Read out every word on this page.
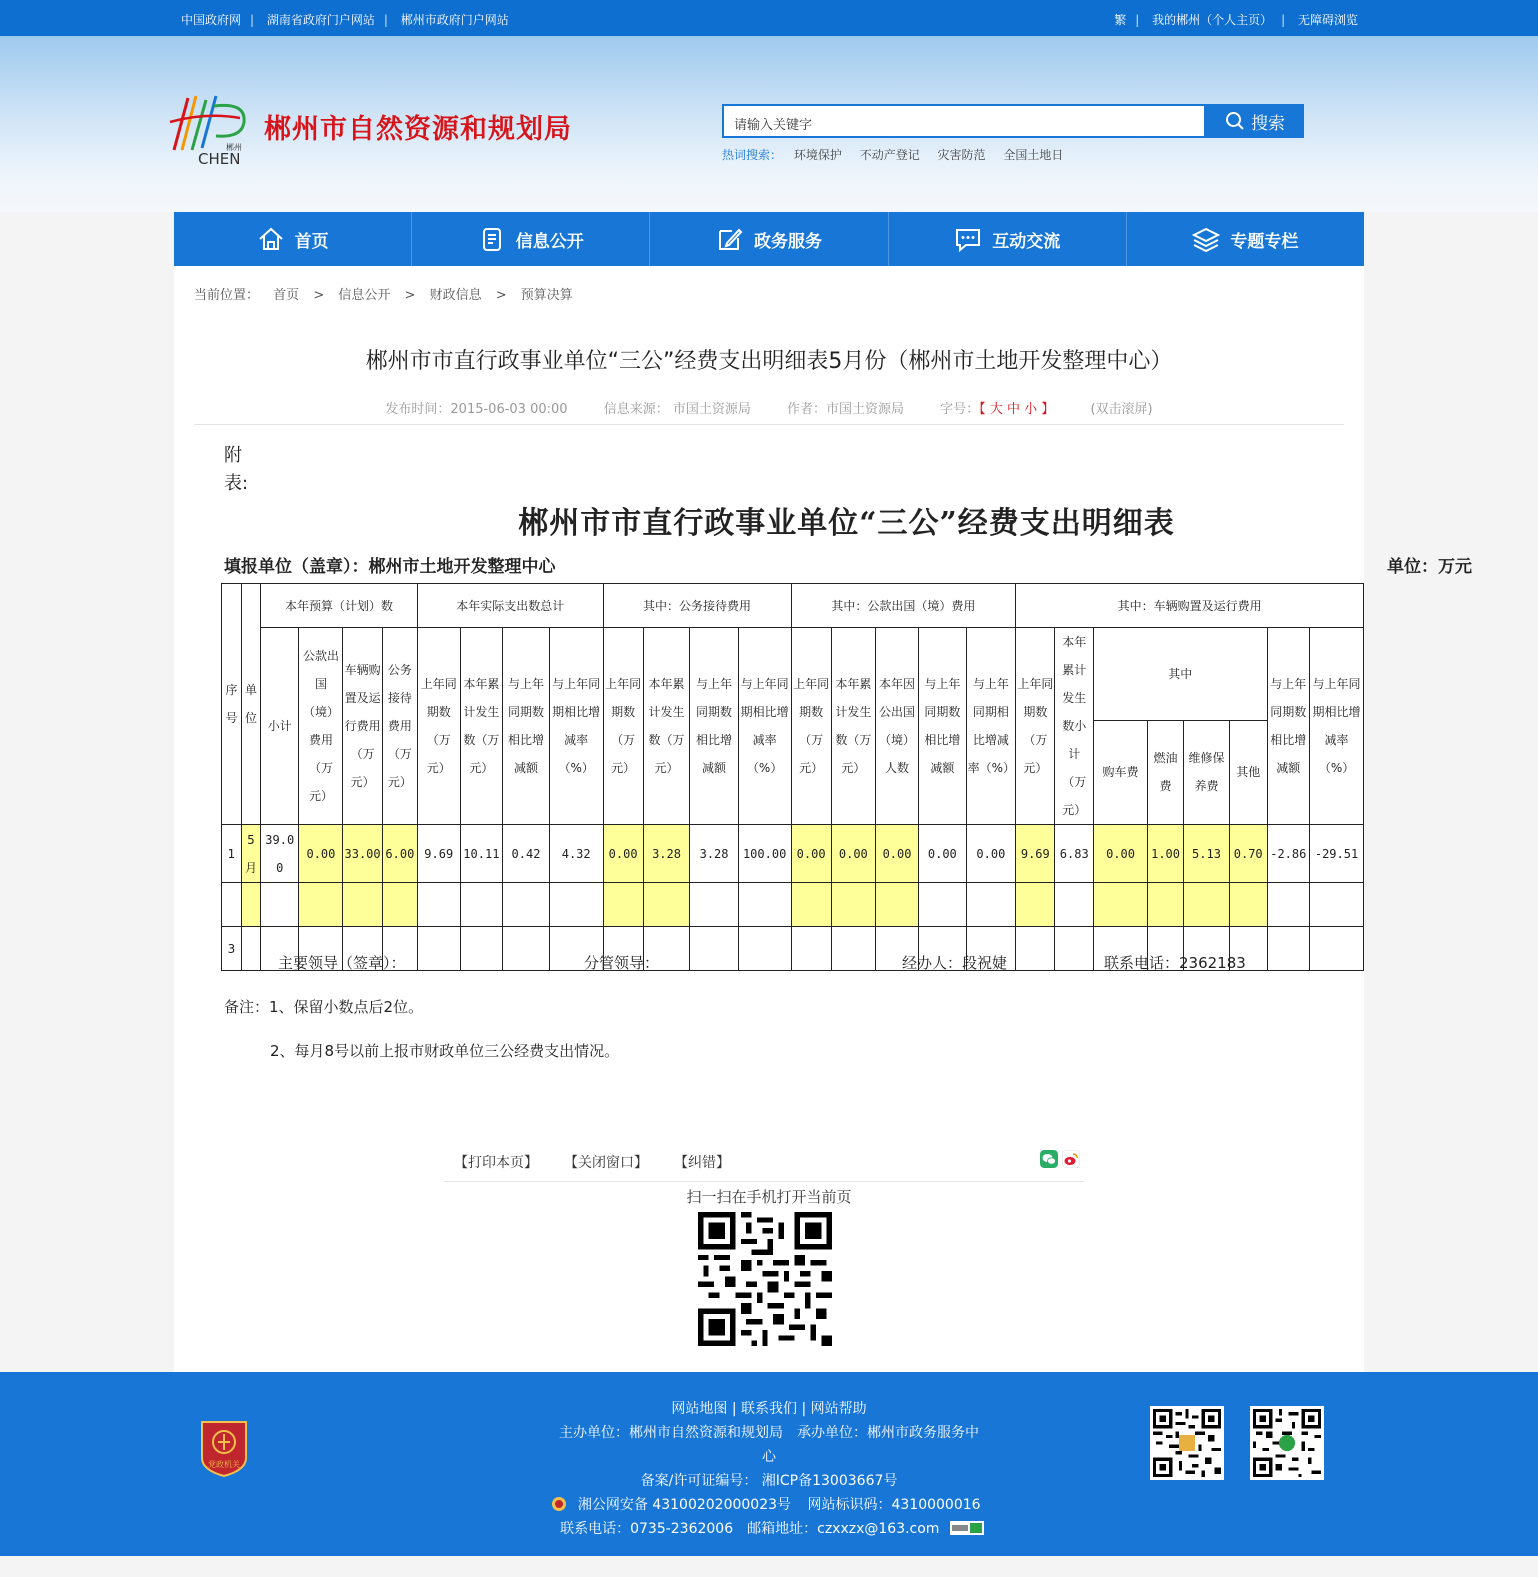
中国政府网 | 湖南省政府门户网站 | 郴州市政府门户网站	繁 | 我的郴州（个人主页） | 无障碍浏览
郴州
CHEN
郴州市自然资源和规划局	请输入关键字	搜索
热词搜索： 环境保护 不动产登记 灾害防范 全国土地日
首页	信息公开	政务服务	互动交流	专题专栏
当前位置： 首页 > 信息公开 > 财政信息 > 预算决算
郴州市市直行政事业单位“三公”经费支出明细表5月份（郴州市土地开发整理中心）
发布时间：2015-06-03 00:00	信息来源： 市国土资源局	作者：市国土资源局	字号：【 大 中 小 】	(双击滚屏)
附表:
郴州市市直行政事业单位“三公”经费支出明细表
填报单位（盖章）：郴州市土地开发整理中心	单位：万元
序号	单位	本年预算（计划）数				本年实际支出数总计				其中：公务接待费用				其中：公款出国（境）费用					其中：车辆购置及运行费用							
		小计	公款出国（境）费用（万元）	车辆购置及运行费用（万元）	公务接待费用（万元）	上年同期数（万元）	本年累计发生数（万元）	与上年同期数相比增减额	与上年同期相比增减率（%）	上年同期数（万元）	本年累计发生数（万元）	与上年同期数相比增减额	与上年同期相比增减率（%）	上年同期数（万元）	本年累计发生数（万元）	本年因公出国（境）人数	与上年同期数相比增减额	与上年同期相比增减率（%）	上年同期数（万元）	本年累计发生数小计（万元）	其中				与上年同期数相比增减额	与上年同期相比增减率（%）
																					购车费	燃油费	维修保养费	其他		
1	5月	39.00	0.00	33.00	6.00	9.69	10.11	0.42	4.32	0.00	3.28	3.28	100.00	0.00	0.00	0.00	0.00	0.00	9.69	6.83	0.00	1.00	5.13	0.70	-2.86	-29.51

3																										
主要领导（签章）：	分管领导：	经办人：段祝婕	联系电话：2362183
备注：1、保留小数点后2位。
2、每月8号以前上报市财政单位三公经费支出情况。
【打印本页】 【关闭窗口】 【纠错】
扫一扫在手机打开当前页
党政机关
网站地图 | 联系我们 | 网站帮助
主办单位：郴州市自然资源和规划局　承办单位：郴州市政务服务中
心
备案/许可证编号： 湘ICP备13003667号
湘公网安备 43100202000023号 网站标识码：4310000016
联系电话：0735-2362006　邮箱地址：czxxzx@163.com
